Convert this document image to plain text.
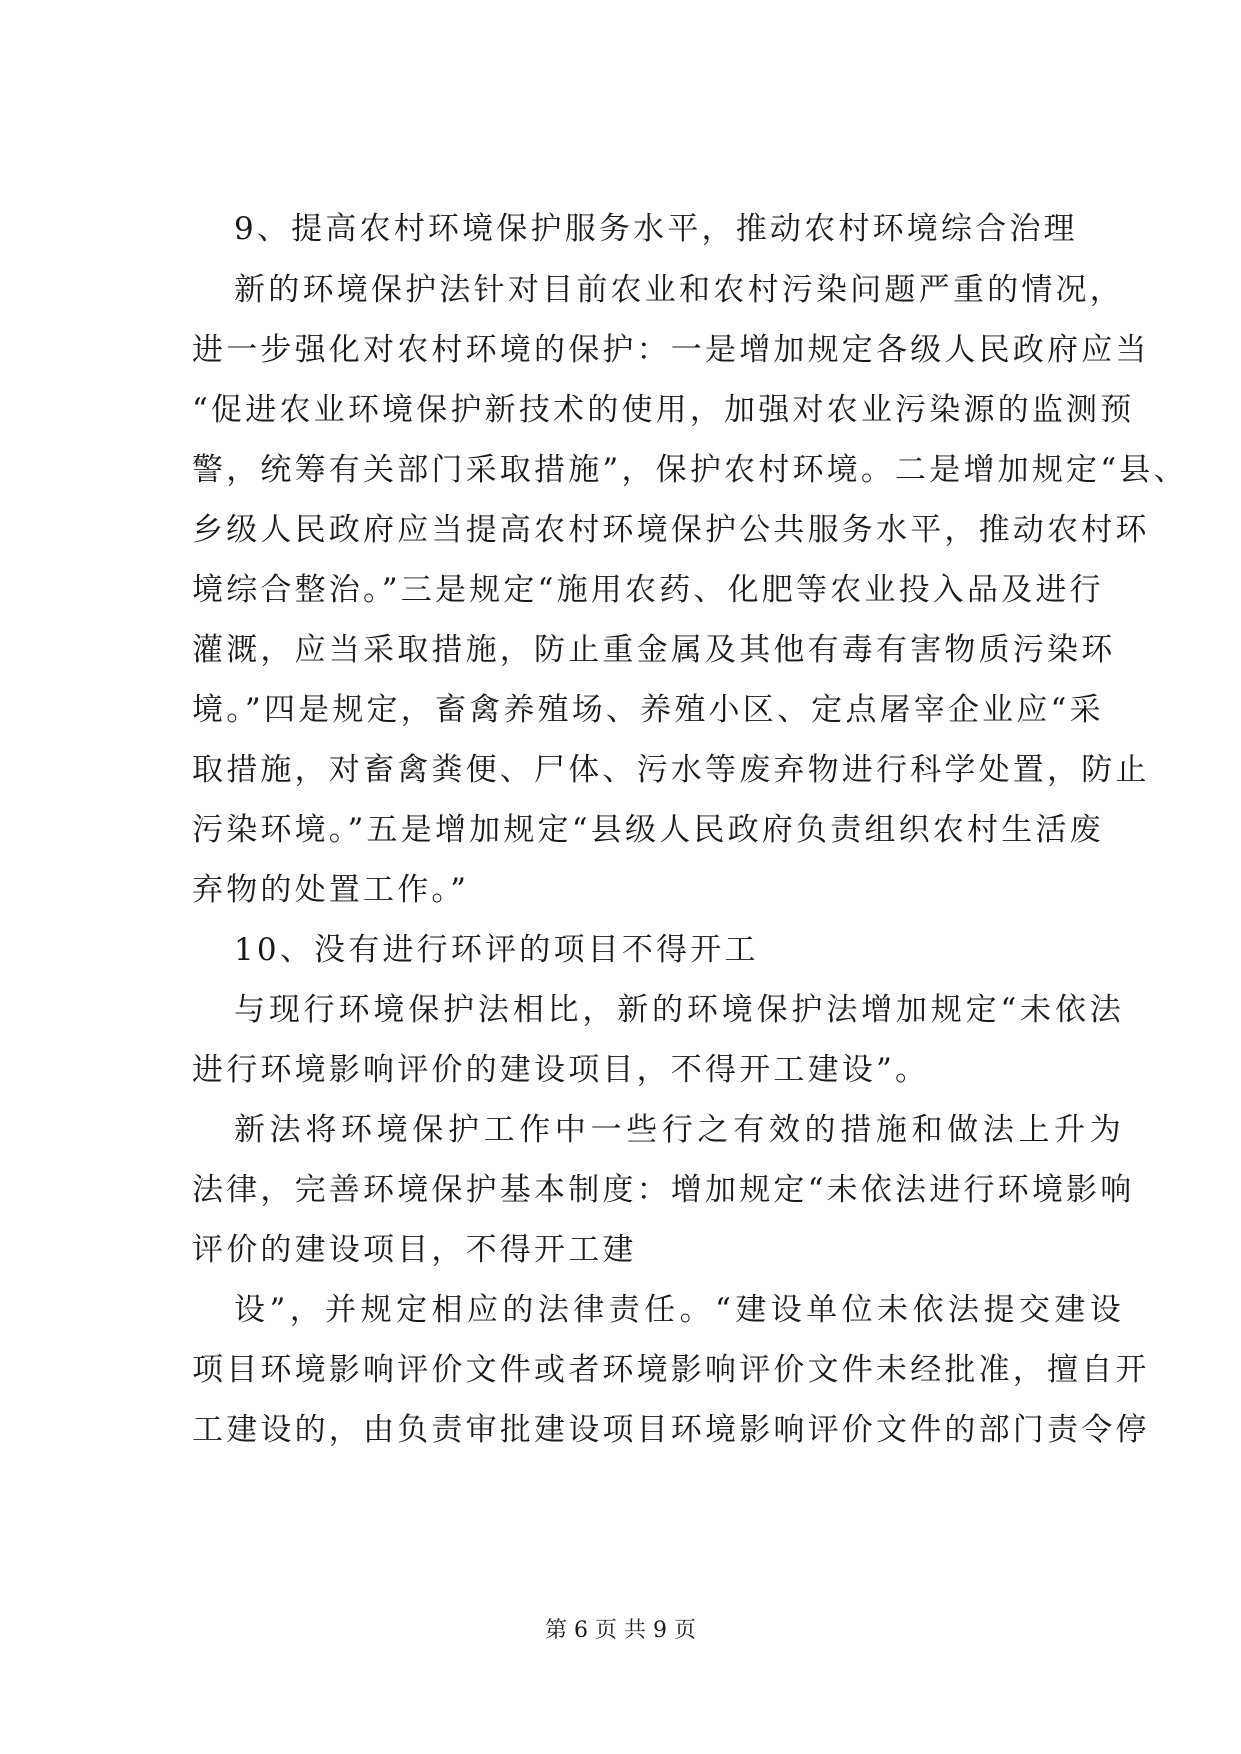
9、提高农村环境保护服务水平，推动农村环境综合治理
新的环境保护法针对目前农业和农村污染问题严重的情况，
进一步强化对农村环境的保护：一是增加规定各级人民政府应当
“促进农业环境保护新技术的使用，加强对农业污染源的监测预
警，统筹有关部门采取措施”，保护农村环境。二是增加规定“县、
乡级人民政府应当提高农村环境保护公共服务水平，推动农村环
境综合整治。”三是规定“施用农药、化肥等农业投入品及进行
灌溉，应当采取措施，防止重金属及其他有毒有害物质污染环
境。”四是规定，畜禽养殖场、养殖小区、定点屠宰企业应“采
取措施，对畜禽粪便、尸体、污水等废弃物进行科学处置，防止
污染环境。”五是增加规定“县级人民政府负责组织农村生活废
弃物的处置工作。”
10、没有进行环评的项目不得开工
与现行环境保护法相比，新的环境保护法增加规定“未依法
进行环境影响评价的建设项目，不得开工建设”。
新法将环境保护工作中一些行之有效的措施和做法上升为
法律，完善环境保护基本制度：增加规定“未依法进行环境影响
评价的建设项目，不得开工建
设”，并规定相应的法律责任。“建设单位未依法提交建设
项目环境影响评价文件或者环境影响评价文件未经批准，擅自开
工建设的，由负责审批建设项目环境影响评价文件的部门责令停
第 6 页 共 9 页
